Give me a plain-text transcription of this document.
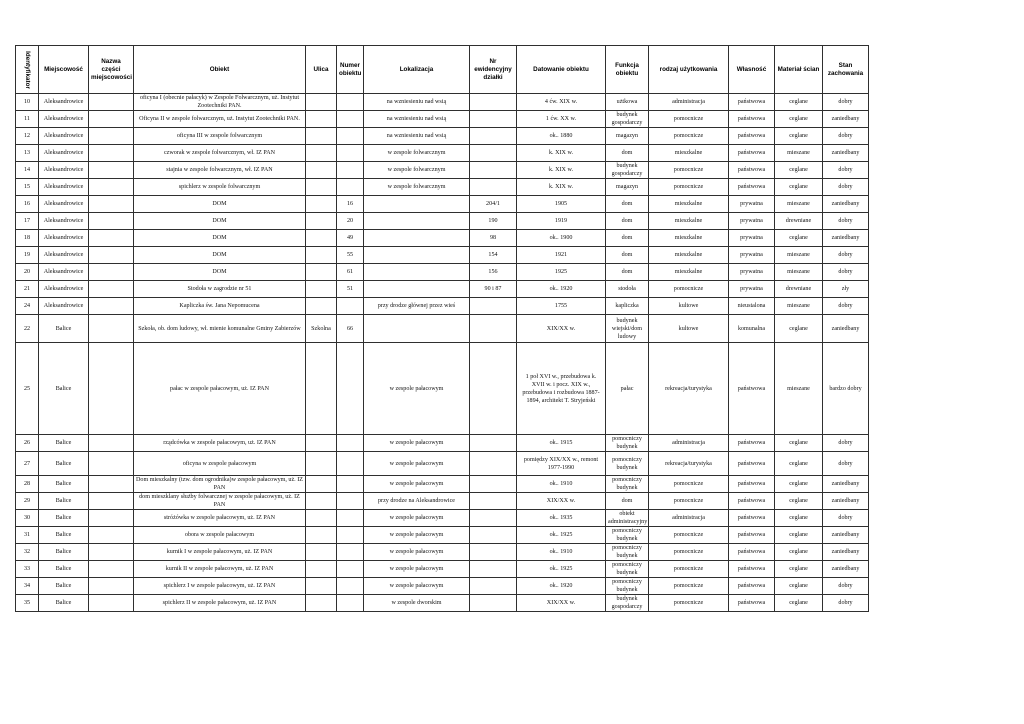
Identyfikator	Miejscowość	Nazwa części miejscowości	Obiekt	Ulica	Numer obiektu	Lokalizacja	Nr ewidencyjny działki	Datowanie obiektu	Funkcja obiektu	rodzaj użytkowania	Własność	Materiał ścian	Stan zachowania
10	Aleksandrowice		oficyna I (obecnie pałacyk) w Zespole Folwarcznym, uż. Instytut Zootechniki PAN.			na wzniesieniu nad wsią		4 ćw. XIX w.	użtkowa	administracja	państwowa	ceglane	dobry
11	Aleksandrowice		Oficyna II w zespole folwarcznym, uż. Instytut Zootechniki PAN.			na wzniesieniu nad wsią		1 ćw. XX w.	budynek gospodarczy	pomocnicze	państwowa	ceglane	zaniedbany
12	Aleksandrowice		oficyna III w zespole folwarcznym			na wzniesieniu nad wsią		ok.. 1880	magazyn	pomocnicze	państwowa	ceglane	dobry
13	Aleksandrowice		czworak w zespole folwarcznym, wł. IZ PAN			w zespole folwarcznym		k. XIX w.	dom	mieszkalne	państwowa	mieszane	zaniedbany
14	Aleksandrowice		stajnia w zespole folwarcznym, wł. IZ PAN			w zespole folwarcznym		k. XIX w.	budynek gospodarczy	pomocnicze	państwowa	ceglane	dobry
15	Aleksandrowice		spichlerz w zespole folwarcznym			w zespole folwarcznym		k. XIX w.	magazyn	pomocnicze	państwowa	ceglane	dobry
16	Aleksandrowice		DOM		16		204/1	1905	dom	mieszkalne	prywatna	mieszane	zaniedbany
17	Aleksandrowice		DOM		20		190	1919	dom	mieszkalne	prywatna	drewniane	dobry
18	Aleksandrowice		DOM		49		98	ok.. 1900	dom	mieszkalne	prywatna	ceglane	zaniedbany
19	Aleksandrowice		DOM		55		154	1921	dom	mieszkalne	prywatna	mieszane	dobry
20	Aleksandrowice		DOM		61		156	1925	dom	mieszkalne	prywatna	mieszane	dobry
21	Aleksandrowice		Stodoła w zagrodzie nr 51		51		90 i 87	ok.. 1920	stodoła	pomocnicze	prywatna	drewniane	zły
24	Aleksandrowice		Kapliczka św. Jana Nepomucena			przy drodze głównej przez wieś		1755	kapliczka	kultowe	nieustalona	mieszane	dobry
22	Balice		Szkoła, ob. dom ludowy, wł. mienie komunalne Gminy Zabierzów	Szkolna	66			XIX/XX w.	budynek wiejski/dom ludowy	kultowe	komunalna	ceglane	zaniedbany
25	Balice		pałac w zespole pałacowym, uż. IZ PAN			w zespole pałacowym		1 poł XVI w., przebudowa k. XVII w. i pocz. XIX w., przebudowa i rozbudowa 1887-1894, architekt T. Stryjeński	pałac	rekreacja/turystyka	państwowa	mieszane	bardzo dobry
26	Balice		rządcówka w zespole pałacowym, uż. IZ PAN			w zespole pałacowym		ok.. 1915	pomocniczy budynek	administracja	państwowa	ceglane	dobry
27	Balice		oficyna w zespole pałacowym			w zespole pałacowym		pomiędzy XIX/XX w., remont 1977-1990	pomocniczy budynek	rekreacja/turystyka	państwowa	ceglane	dobry
28	Balice		Dom mieszkalny (tzw. dom ogrodnika)w zespole pałacowym, uż. IZ PAN			w zespole pałacowym		ok.. 1910	pomocniczy budynek	pomocnicze	państwowa	ceglane	zaniedbany
29	Balice		dom mieszklany służby folwarcznej w zespole pałacowym, uż. IZ PAN			przy drodze na Aleksandrowice		XIX/XX w.	dom	pomocnicze	państwowa	ceglane	zaniedbany
30	Balice		stróżówka w zespole pałacowym, uż. IZ PAN			w zespole pałacowym		ok.. 1935	obiekt administracyjny	administracja	państwowa	ceglane	dobry
31	Balice		obora w zespole pałacowym			w zespole pałacowym		ok.. 1925	pomocniczy budynek	pomocnicze	państwowa	ceglane	zaniedbany
32	Balice		kurnik I w zespole pałacowym, uż. IZ PAN			w zespole pałacowym		ok.. 1910	pomocniczy budynek	pomocnicze	państwowa	ceglane	zaniedbany
33	Balice		kurnik II w zespole pałacowym, uż. IZ PAN			w zespole pałacowym		ok.. 1925	pomocniczy budynek	pomocnicze	państwowa	ceglane	zaniedbany
34	Balice		spichlerz I w zespole pałacowym, uż. IZ PAN			w zespole pałacowym		ok.. 1920	pomocniczy budynek	pomocnicze	państwowa	ceglane	dobry
35	Balice		spichlerz II w zespole pałacowym, uż. IZ PAN			w zespole dworskim		XIX/XX w.	budynek gospodarczy	pomocnicze	państwowa	ceglane	dobry
